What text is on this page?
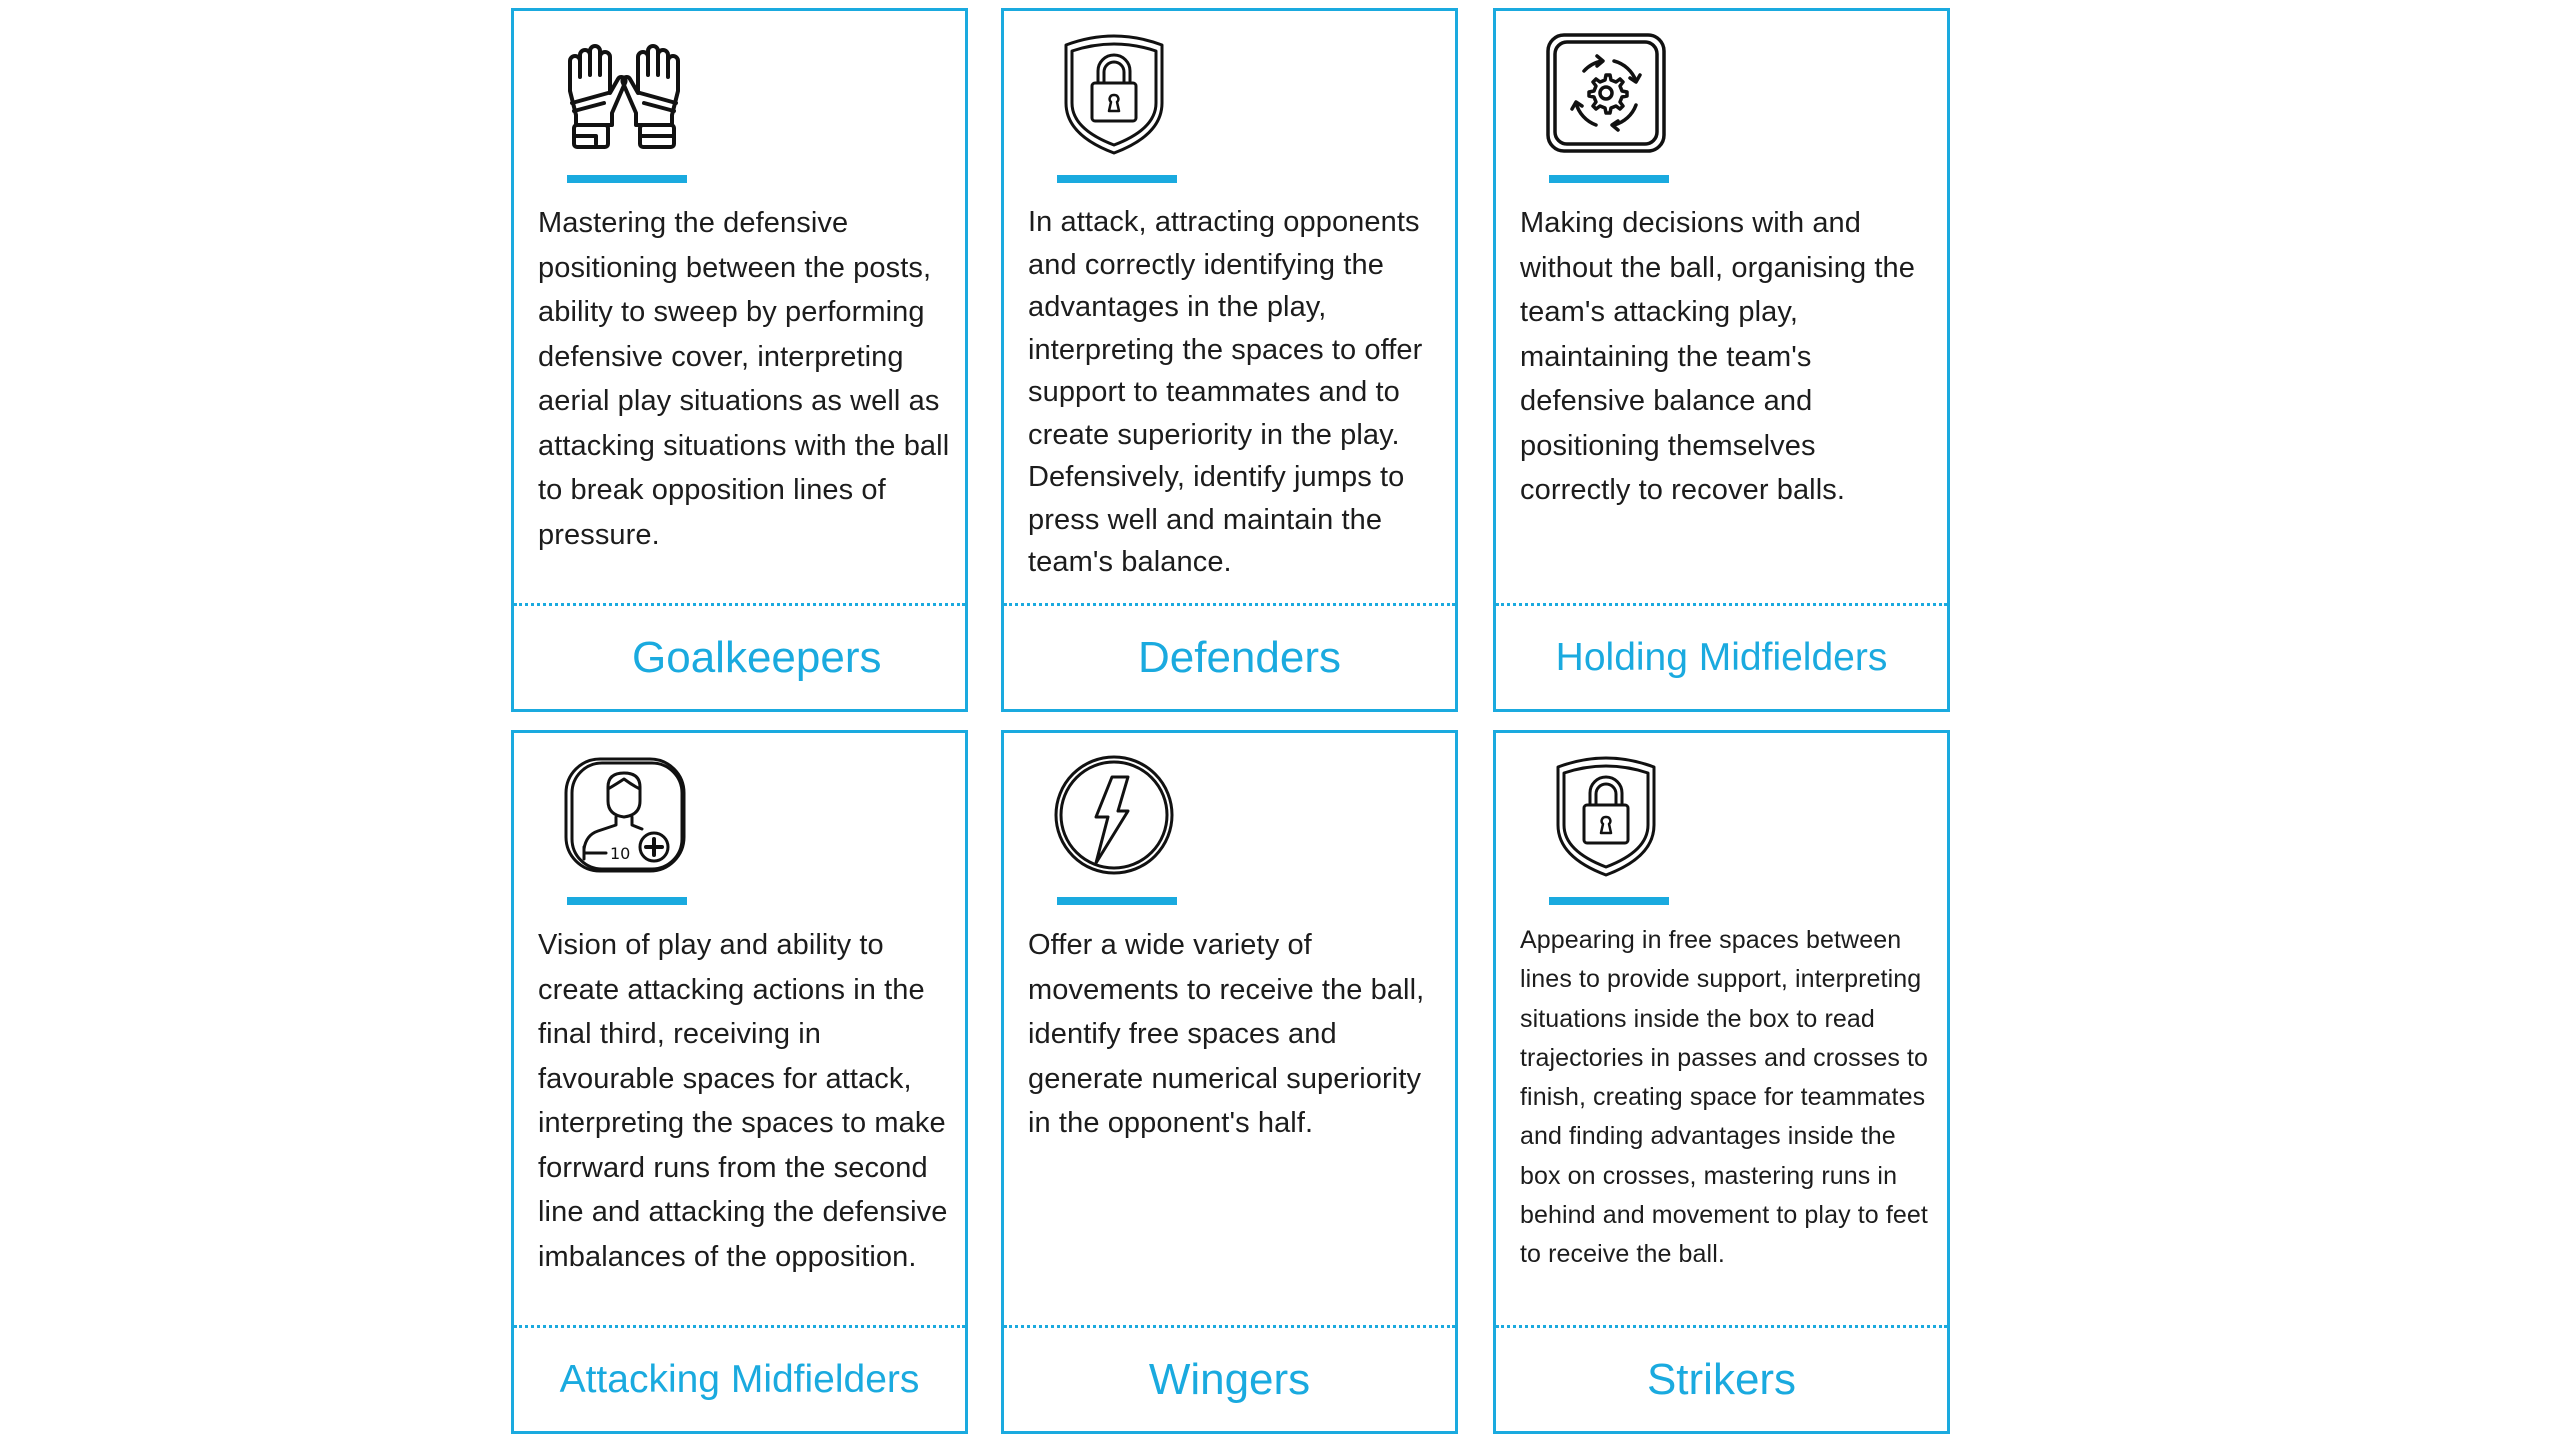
Mastering the defensive positioning between the posts, ability to sweep by performing defensive cover, interpreting aerial play situations as well as attacking situations with the ball to break opposition lines of pressure.

Goalkeepers

In attack, attracting opponents and correctly identifying the advantages in the play, interpreting the spaces to offer support to teammates and to create superiority in the play. Defensively, identify jumps to press well and maintain the team's balance.

Defenders

Making decisions with and without the ball, organising the team's attacking play, maintaining the team's defensive balance and positioning themselves correctly to recover balls.

Holding Midfielders
10

Vision of play and ability to create attacking actions in the final third, receiving in favourable spaces for attack, interpreting the spaces to make forrward runs from the second line and attacking the defensive imbalances of the opposition.

Attacking Midfielders

Offer a wide variety of movements to receive the ball, identify free spaces and generate numerical superiority in the opponent's half.

Wingers

Appearing in free spaces between lines to provide support, interpreting situations inside the box to read trajectories in passes and crosses to finish, creating space for teammates and finding advantages inside the box on crosses, mastering runs in behind and movement to play to feet to receive the ball.

Strikers
